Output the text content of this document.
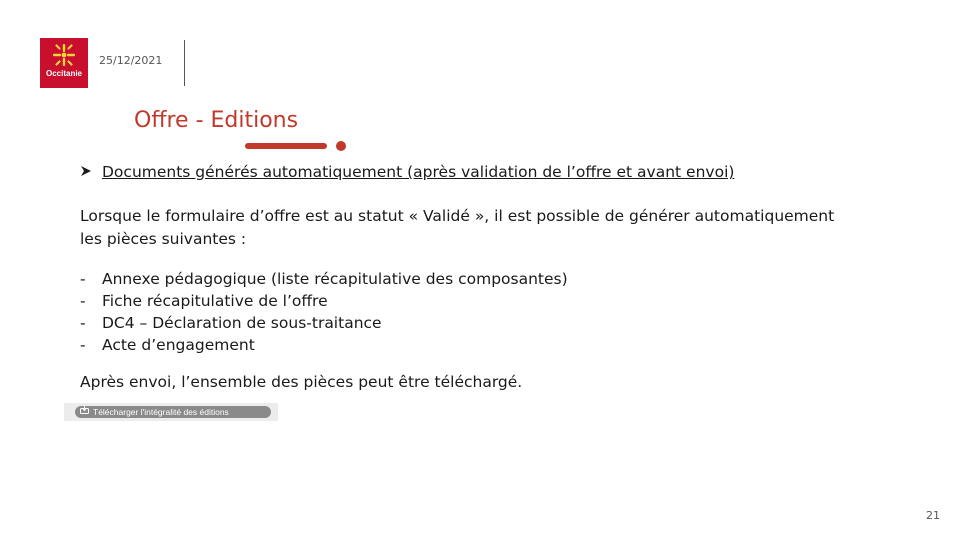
Occitanie
25/12/2021
Offre - Editions
Documents générés automatiquement (après validation de l’offre et avant envoi)
Lorsque le formulaire d’offre est au statut « Validé », il est possible de générer automatiquement les pièces suivantes :
-	Annexe pédagogique (liste récapitulative des composantes)
-	Fiche récapitulative de l’offre
-	DC4 – Déclaration de sous-traitance
-	Acte d’engagement
Après envoi, l’ensemble des pièces peut être téléchargé.
Télécharger l'intégralité des éditions
21
